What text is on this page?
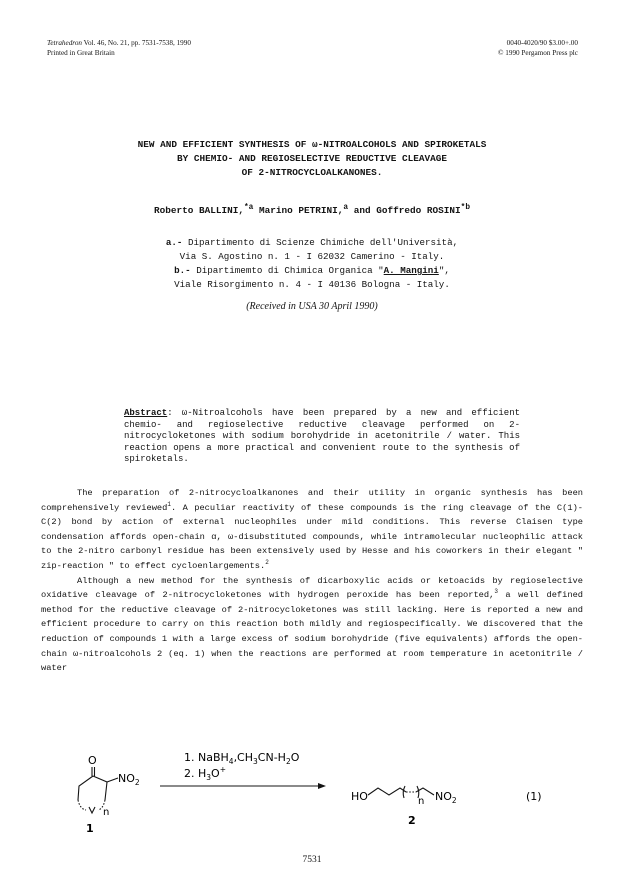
Tetrahedron Vol. 46, No. 21, pp. 7531-7538, 1990
Printed in Great Britain
0040-4020/90 $3.00+.00
© 1990 Pergamon Press plc
NEW AND EFFICIENT SYNTHESIS OF ω-NITROALCOHOLS AND SPIROKETALS
BY CHEMIO- AND REGIOSELECTIVE REDUCTIVE CLEAVAGE
OF 2-NITROCYCLOALKANONES.
Roberto BALLINI,$^{*a}$ Marino PETRINI,$^a$ and Goffredo ROSINI$^{*b}$
a.- Dipartimento di Scienze Chimiche dell'Università,
Via S. Agostino n. 1 - I 62032 Camerino - Italy.
b.- Dipartimemto di Chimica Organica "A. Mangini",
Viale Risorgimento n. 4 - I 40136 Bologna - Italy.
(Received in USA 30 April 1990)
Abstract: ω-Nitroalcohols have been prepared by a new and efficient chemio- and regioselective reductive cleavage performed on 2-nitrocycloketones with sodium borohydride in acetonitrile / water. This reaction opens a more practical and convenient route to the synthesis of spiroketals.

The preparation of 2-nitrocycloalkanones and their utility in organic synthesis has been comprehensively reviewed$^1$. A peculiar reactivity of these compounds is the ring cleavage of the C(1)-C(2) bond by action of external nucleophiles under mild conditions. This reverse Claisen type condensation affords open-chain α, ω-disubstituted compounds, while intramolecular nucleophilic attack to the 2-nitro carbonyl residue has been extensively used by Hesse and his coworkers in their elegant " zip-reaction " to effect cycloenlargements.$^2$

Although a new method for the synthesis of dicarboxylic acids or ketoacids by regioselective oxidative cleavage of 2-nitrocycloketones with hydrogen peroxide has been reported,$^3$ a well defined method for the reductive cleavage of 2-nitrocycloketones was still lacking. Here is reported a new and efficient procedure to carry on this reaction both mildly and regiospecifically. We discovered that the reduction of compounds 1 with a large excess of sodium borohydride (five equivalents) affords the open-chain ω-nitroalcohols 2 (eq. 1) when the reactions are performed at room temperature in acetonitrile / water

O
$NO_2$
n
1
1. $NaBH_4,CH_3CN-H_2O$
2. $H_3O^+$
HO	n $NO_2$
2
(1)
7531
